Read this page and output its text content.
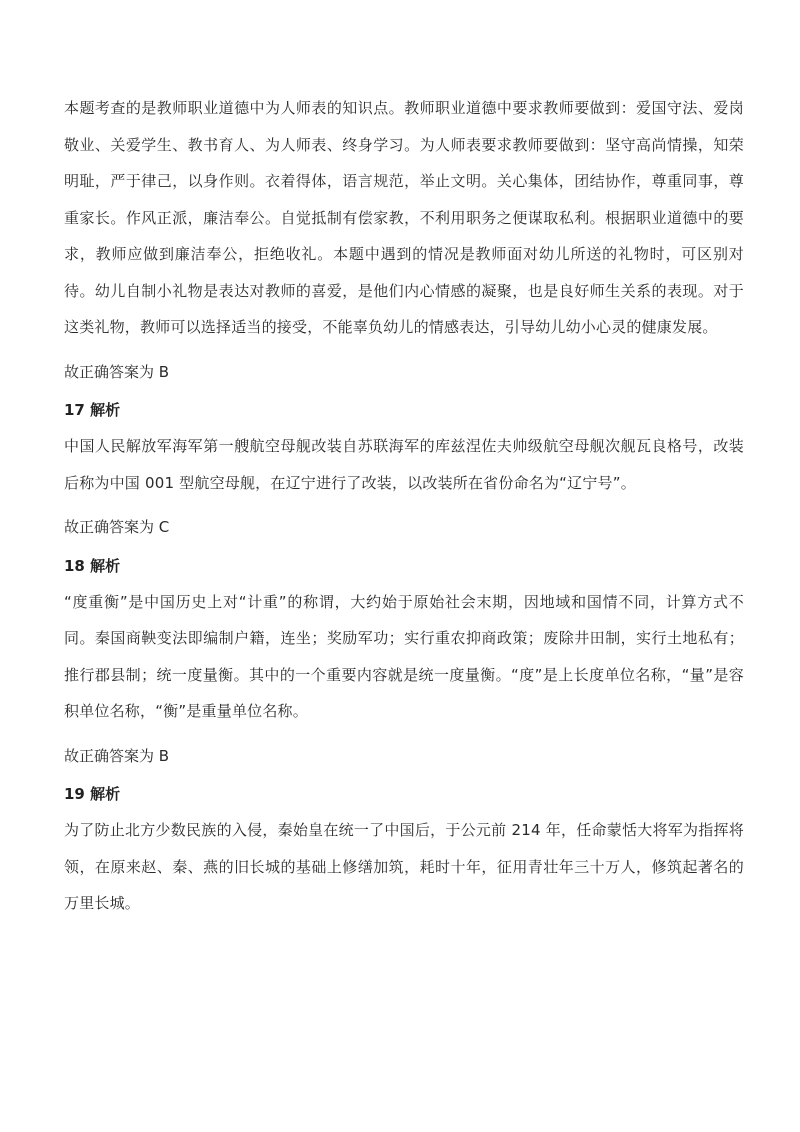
本题考查的是教师职业道德中为人师表的知识点。教师职业道德中要求教师要做到：爱国守法、爱岗敬业、关爱学生、教书育人、为人师表、终身学习。为人师表要求教师要做到：坚守高尚情操，知荣明耻，严于律己，以身作则。衣着得体，语言规范，举止文明。关心集体，团结协作，尊重同事，尊重家长。作风正派，廉洁奉公。自觉抵制有偿家教，不利用职务之便谋取私利。根据职业道德中的要求，教师应做到廉洁奉公，拒绝收礼。本题中遇到的情况是教师面对幼儿所送的礼物时，可区别对待。幼儿自制小礼物是表达对教师的喜爱，是他们内心情感的凝聚，也是良好师生关系的表现。对于这类礼物，教师可以选择适当的接受，不能辜负幼儿的情感表达，引导幼儿幼小心灵的健康发展。

故正确答案为 B

17 解析

中国人民解放军海军第一艘航空母舰改装自苏联海军的库兹涅佐夫帅级航空母舰次舰瓦良格号，改装后称为中国 001 型航空母舰，在辽宁进行了改装，以改装所在省份命名为“辽宁号”。

故正确答案为 C

18 解析

“度重衡”是中国历史上对“计重”的称谓，大约始于原始社会末期，因地域和国情不同，计算方式不同。秦国商鞅变法即编制户籍，连坐；奖励军功；实行重农抑商政策；废除井田制，实行土地私有；推行郡县制；统一度量衡。其中的一个重要内容就是统一度量衡。“度”是上长度单位名称，“量”是容积单位名称，“衡”是重量单位名称。

故正确答案为 B

19 解析

为了防止北方少数民族的入侵，秦始皇在统一了中国后，于公元前 214 年，任命蒙恬大将军为指挥将领，在原来赵、秦、燕的旧长城的基础上修缮加筑，耗时十年，征用青壮年三十万人，修筑起著名的万里长城。
